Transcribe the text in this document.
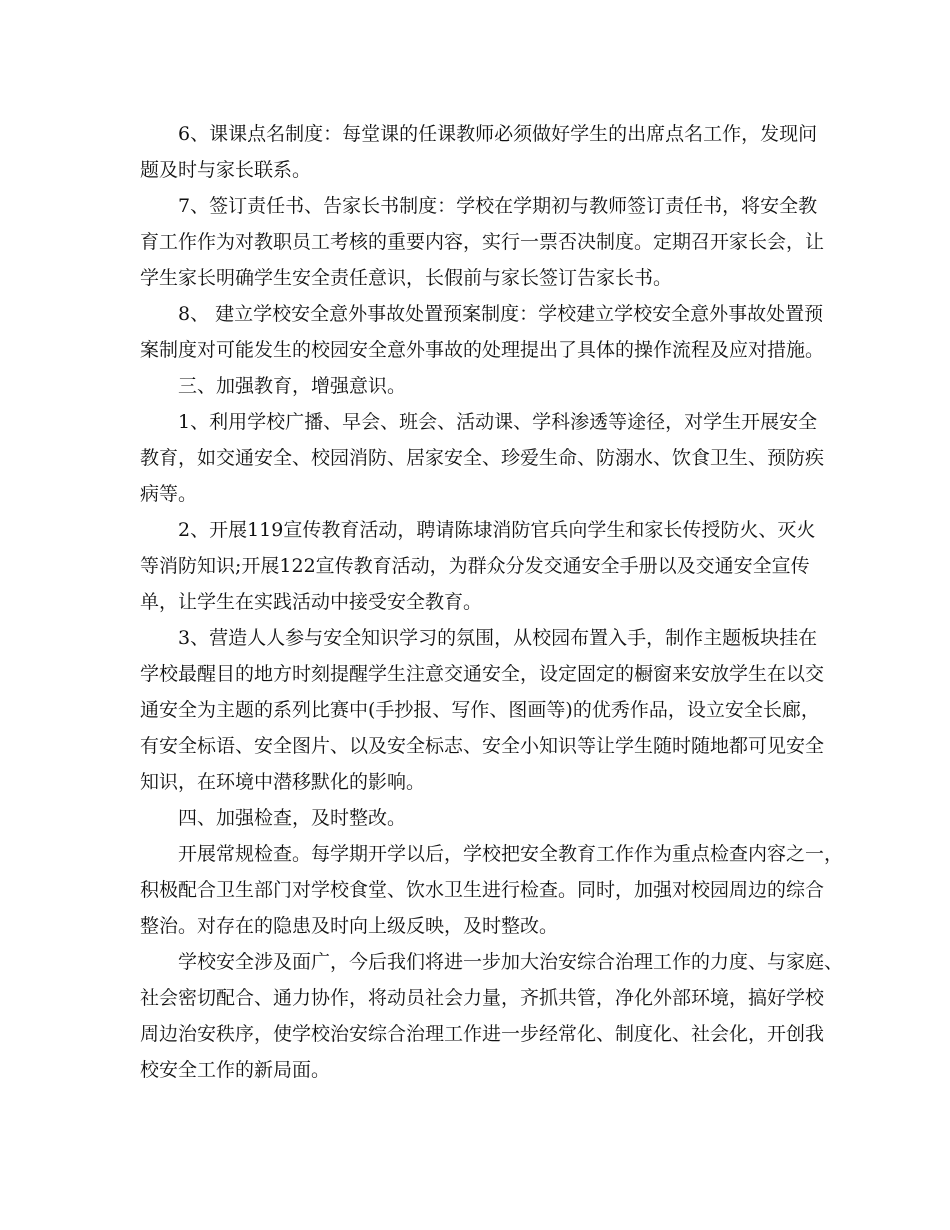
6、课课点名制度：每堂课的任课教师必须做好学生的出席点名工作，发现问
题及时与家长联系。
7、签订责任书、告家长书制度：学校在学期初与教师签订责任书，将安全教
育工作作为对教职员工考核的重要内容，实行一票否决制度。定期召开家长会，让
学生家长明确学生安全责任意识，长假前与家长签订告家长书。
8、 建立学校安全意外事故处置预案制度：学校建立学校安全意外事故处置预
案制度对可能发生的校园安全意外事故的处理提出了具体的操作流程及应对措施。
三、加强教育，增强意识。
1、利用学校广播、早会、班会、活动课、学科渗透等途径，对学生开展安全
教育，如交通安全、校园消防、居家安全、珍爱生命、防溺水、饮食卫生、预防疾
病等。
2、开展119宣传教育活动，聘请陈埭消防官兵向学生和家长传授防火、灭火
等消防知识;开展122宣传教育活动，为群众分发交通安全手册以及交通安全宣传
单，让学生在实践活动中接受安全教育。
3、营造人人参与安全知识学习的氛围，从校园布置入手，制作主题板块挂在
学校最醒目的地方时刻提醒学生注意交通安全，设定固定的橱窗来安放学生在以交
通安全为主题的系列比赛中(手抄报、写作、图画等)的优秀作品，设立安全长廊，
有安全标语、安全图片、以及安全标志、安全小知识等让学生随时随地都可见安全
知识，在环境中潜移默化的影响。
四、加强检查，及时整改。
开展常规检查。每学期开学以后，学校把安全教育工作作为重点检查内容之一，
积极配合卫生部门对学校食堂、饮水卫生进行检查。同时，加强对校园周边的综合
整治。对存在的隐患及时向上级反映，及时整改。
学校安全涉及面广，今后我们将进一步加大治安综合治理工作的力度、与家庭、
社会密切配合、通力协作，将动员社会力量，齐抓共管，净化外部环境，搞好学校
周边治安秩序，使学校治安综合治理工作进一步经常化、制度化、社会化，开创我
校安全工作的新局面。
